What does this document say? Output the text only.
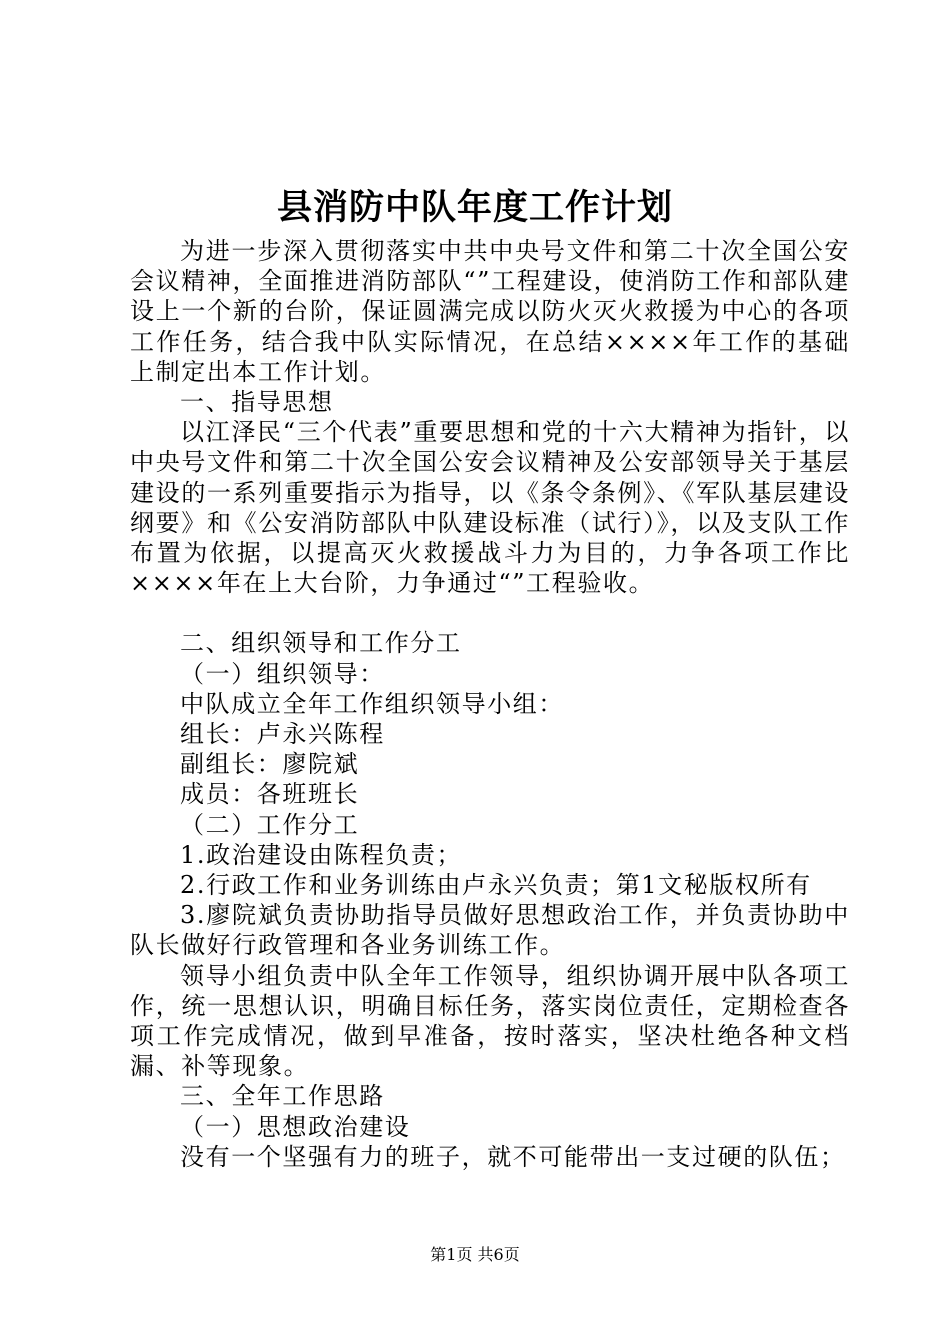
县消防中队年度工作计划

为进一步深入贯彻落实中共中央号文件和第二十次全国公安会议精神，全面推进消防部队“”工程建设，使消防工作和部队建设上一个新的台阶，保证圆满完成以防火灭火救援为中心的各项工作任务，结合我中队实际情况，在总结××××年工作的基础上制定出本工作计划。

一、指导思想

以江泽民“三个代表”重要思想和党的十六大精神为指针，以中央号文件和第二十次全国公安会议精神及公安部领导关于基层建设的一系列重要指示为指导，以《条令条例》、《军队基层建设纲要》和《公安消防部队中队建设标准（试行）》，以及支队工作布置为依据，以提高灭火救援战斗力为目的，力争各项工作比××××年在上大台阶，力争通过“”工程验收。

二、组织领导和工作分工

（一）组织领导：

中队成立全年工作组织领导小组：

组长：卢永兴陈程

副组长：廖院斌

成员：各班班长

（二）工作分工

1.政治建设由陈程负责；

2.行政工作和业务训练由卢永兴负责；第1文秘版权所有

3.廖院斌负责协助指导员做好思想政治工作，并负责协助中队长做好行政管理和各业务训练工作。

领导小组负责中队全年工作领导，组织协调开展中队各项工作，统一思想认识，明确目标任务，落实岗位责任，定期检查各项工作完成情况，做到早准备，按时落实，坚决杜绝各种文档漏、补等现象。

三、全年工作思路

（一）思想政治建设

没有一个坚强有力的班子，就不可能带出一支过硬的队伍；

第1页 共6页
